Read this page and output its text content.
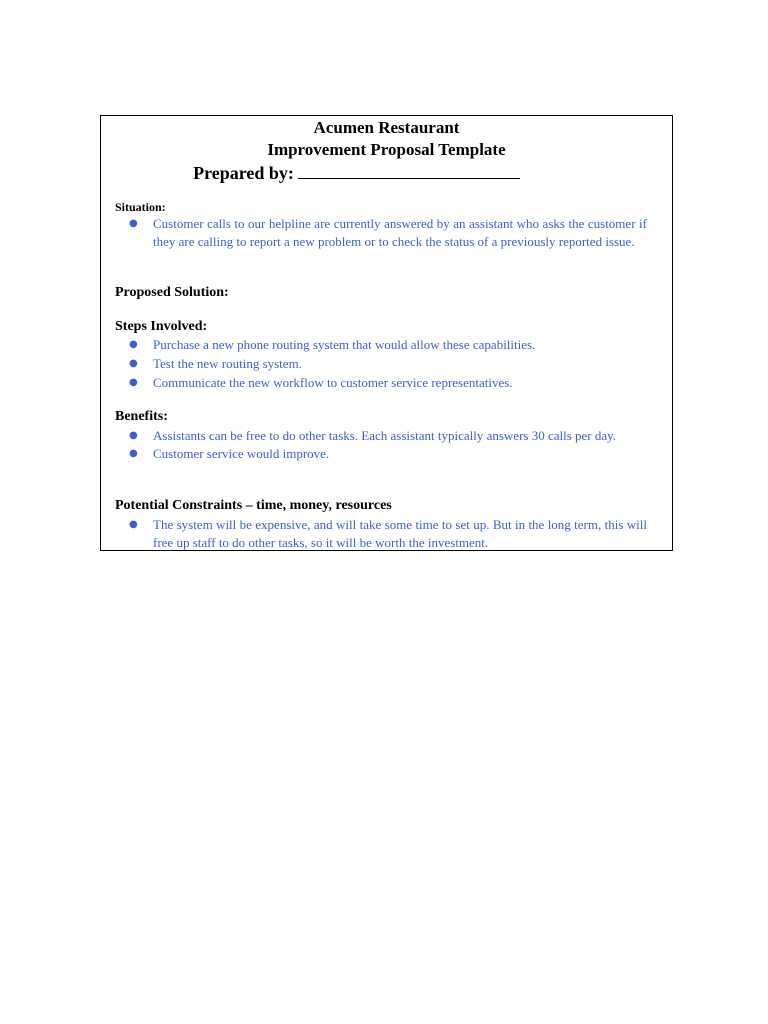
Acumen Restaurant
Improvement Proposal Template
Prepared by:
Situation:
● Customer calls to our helpline are currently answered by an assistant who asks the customer if they are calling to report a new problem or to check the status of a previously reported issue.
Proposed Solution:
Steps Involved:
● Purchase a new phone routing system that would allow these capabilities.
● Test the new routing system.
● Communicate the new workflow to customer service representatives.
Benefits:
● Assistants can be free to do other tasks. Each assistant typically answers 30 calls per day.
● Customer service would improve.
Potential Constraints – time, money, resources
● The system will be expensive, and will take some time to set up. But in the long term, this will free up staff to do other tasks, so it will be worth the investment.
